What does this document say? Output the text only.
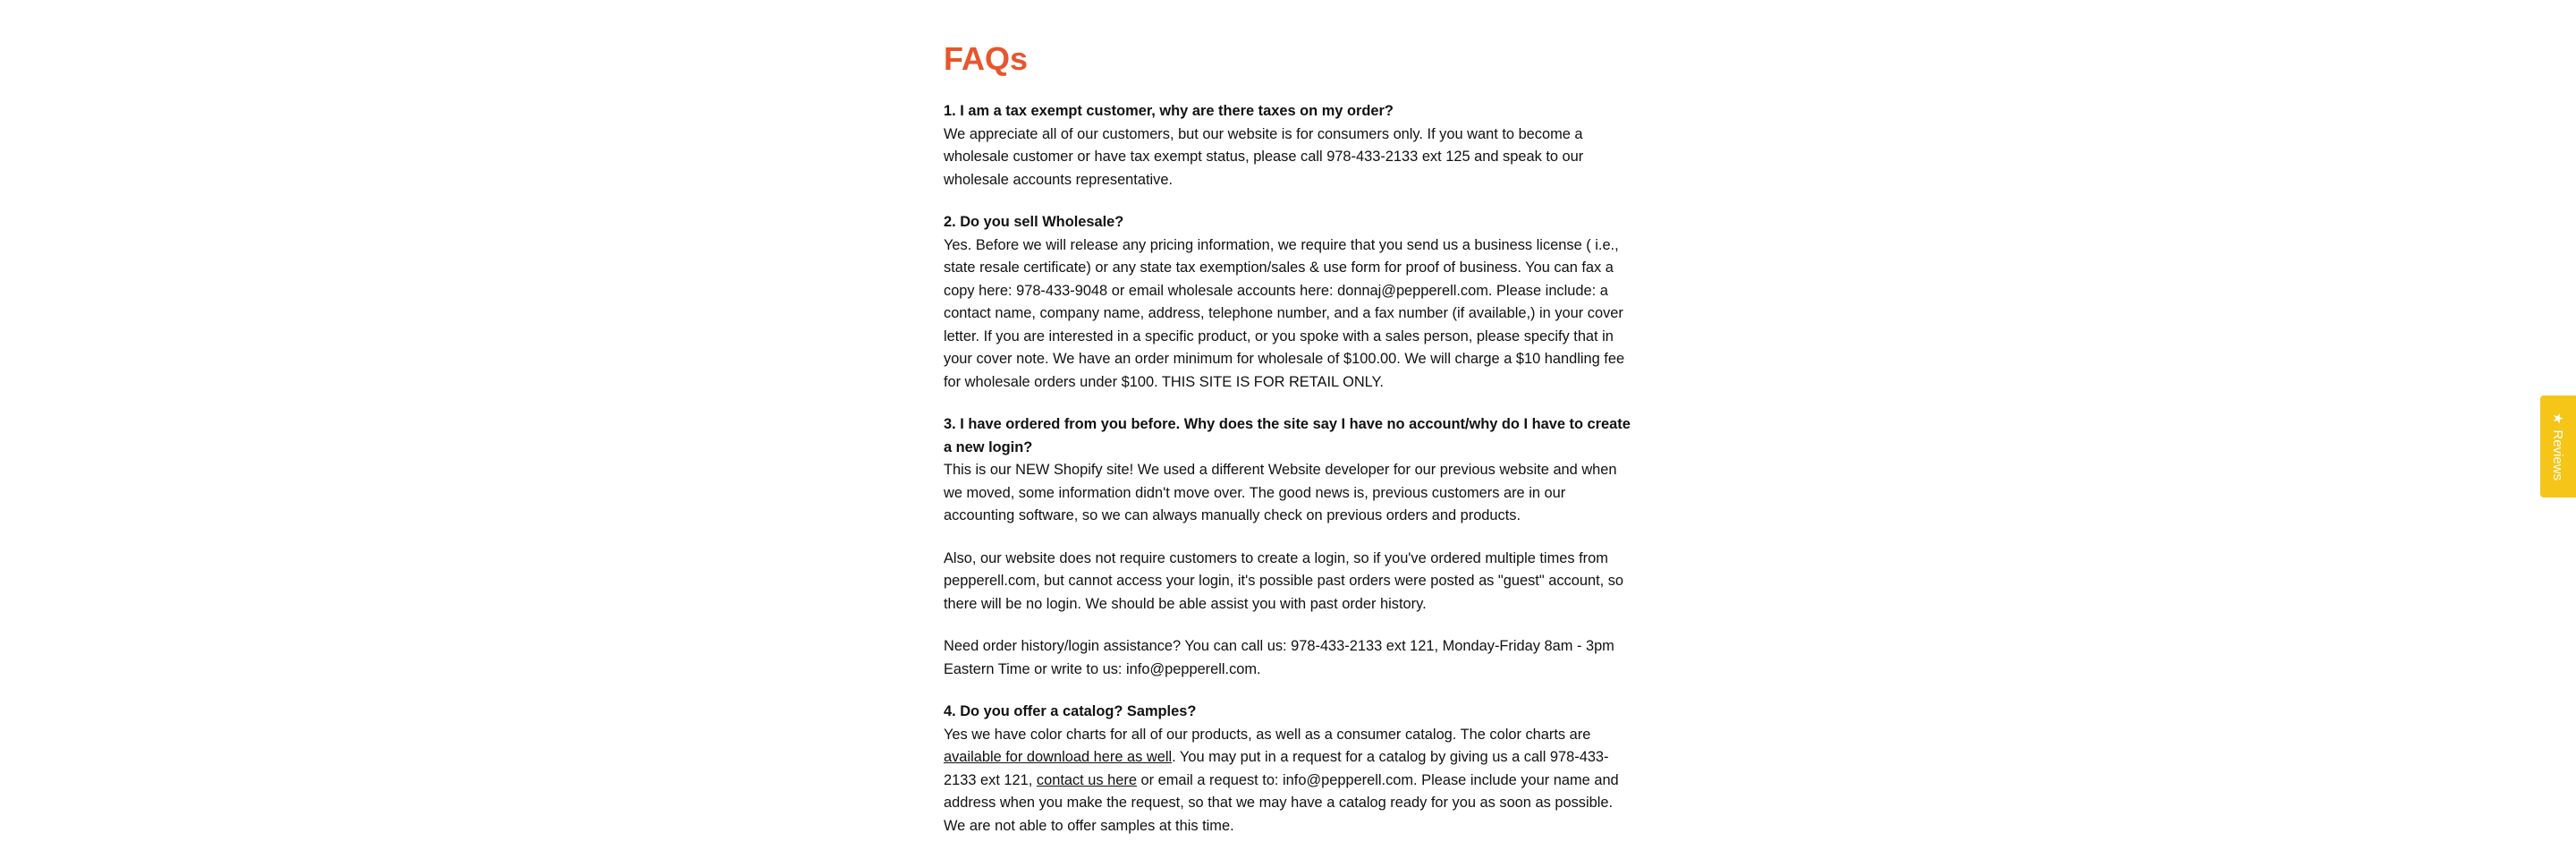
FAQs

1. I am a tax exempt customer, why are there taxes on my order?

We appreciate all of our customers, but our website is for consumers only. If you want to become a wholesale customer or have tax exempt status, please call 978-433-2133 ext 125 and speak to our wholesale accounts representative.

2. Do you sell Wholesale?

Yes. Before we will release any pricing information, we require that you send us a business license ( i.e., state resale certificate) or any state tax exemption/sales & use form for proof of business. You can fax a copy here: 978-433-9048 or email wholesale accounts here: donnaj@pepperell.com. Please include: a contact name, company name, address, telephone number, and a fax number (if available,) in your cover letter. If you are interested in a specific product, or you spoke with a sales person, please specify that in your cover note. We have an order minimum for wholesale of $100.00. We will charge a $10 handling fee for wholesale orders under $100. THIS SITE IS FOR RETAIL ONLY.

3. I have ordered from you before. Why does the site say I have no account/why do I have to create a new login?

This is our NEW Shopify site! We used a different Website developer for our previous website and when we moved, some information didn't move over. The good news is, previous customers are in our accounting software, so we can always manually check on previous orders and products.

Also, our website does not require customers to create a login, so if you've ordered multiple times from pepperell.com, but cannot access your login, it's possible past orders were posted as "guest" account, so there will be no login. We should be able assist you with past order history.

Need order history/login assistance? You can call us: 978-433-2133 ext 121, Monday-Friday 8am - 3pm Eastern Time or write to us: info@pepperell.com.

4. Do you offer a catalog? Samples?

Yes we have color charts for all of our products, as well as a consumer catalog. The color charts are available for download here as well. You may put in a request for a catalog by giving us a call 978-433-2133 ext 121, contact us here or email a request to: info@pepperell.com. Please include your name and address when you make the request, so that we may have a catalog ready for you as soon as possible. We are not able to offer samples at this time.

★
Reviews
